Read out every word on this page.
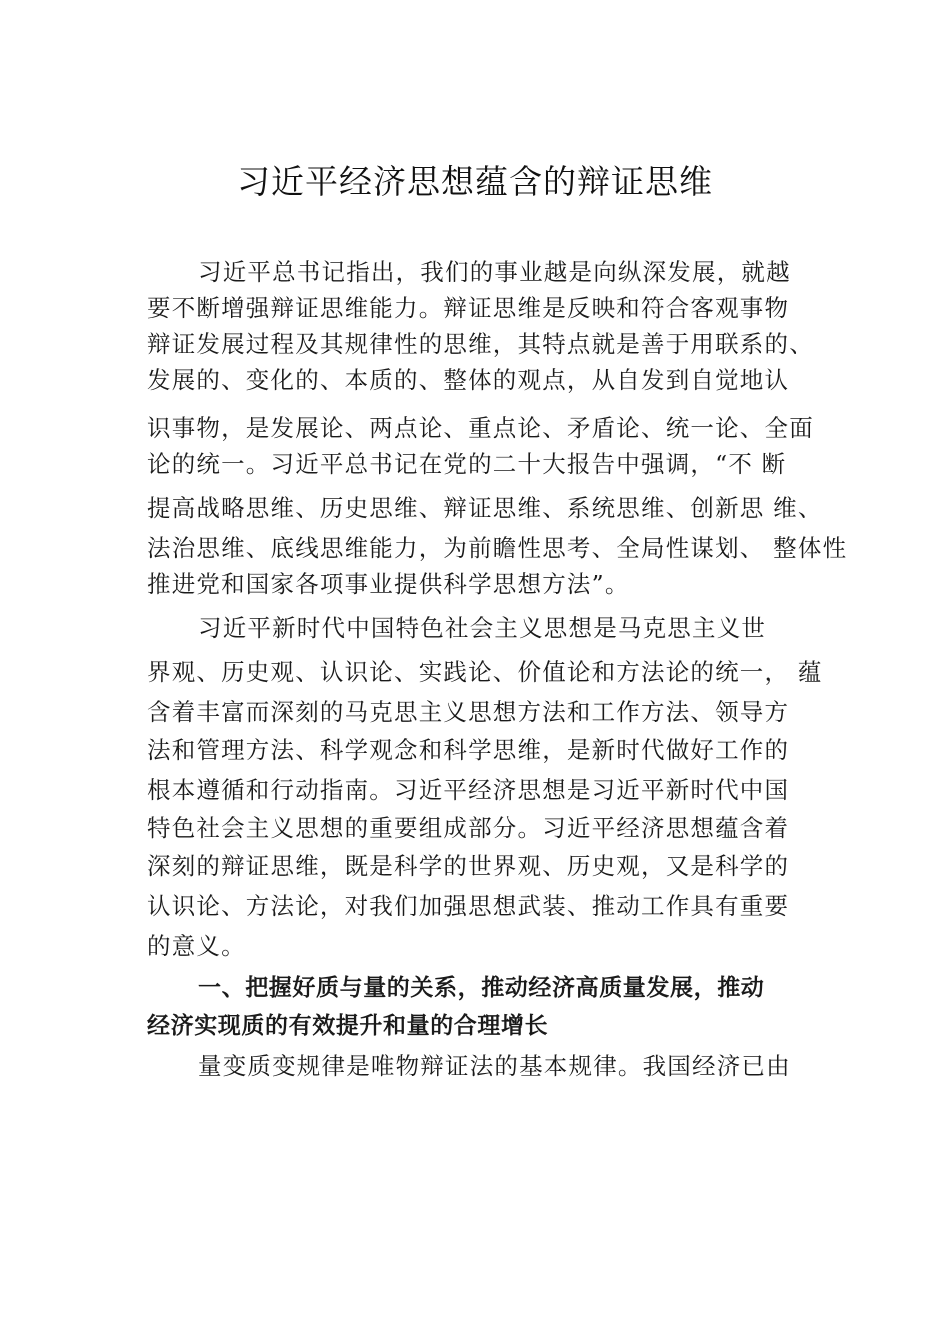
习近平经济思想蕴含的辩证思维
习近平总书记指出，我们的事业越是向纵深发展，就越
要不断增强辩证思维能力。辩证思维是反映和符合客观事物
辩证发展过程及其规律性的思维，其特点就是善于用联系的、
发展的、变化的、本质的、整体的观点，从自发到自觉地认
识事物，是发展论、两点论、重点论、矛盾论、统一论、全面
论的统一。习近平总书记在党的二十大报告中强调，“不 断
提高战略思维、历史思维、辩证思维、系统思维、创新思 维、
法治思维、底线思维能力，为前瞻性思考、全局性谋划、 整体性
推进党和国家各项事业提供科学思想方法”。
习近平新时代中国特色社会主义思想是马克思主义世
界观、历史观、认识论、实践论、价值论和方法论的统一， 蕴
含着丰富而深刻的马克思主义思想方法和工作方法、领导方
法和管理方法、科学观念和科学思维，是新时代做好工作的
根本遵循和行动指南。习近平经济思想是习近平新时代中国
特色社会主义思想的重要组成部分。习近平经济思想蕴含着
深刻的辩证思维，既是科学的世界观、历史观，又是科学的
认识论、方法论，对我们加强思想武装、推动工作具有重要
的意义。
一、把握好质与量的关系，推动经济高质量发展，推动
经济实现质的有效提升和量的合理增长
量变质变规律是唯物辩证法的基本规律。我国经济已由
